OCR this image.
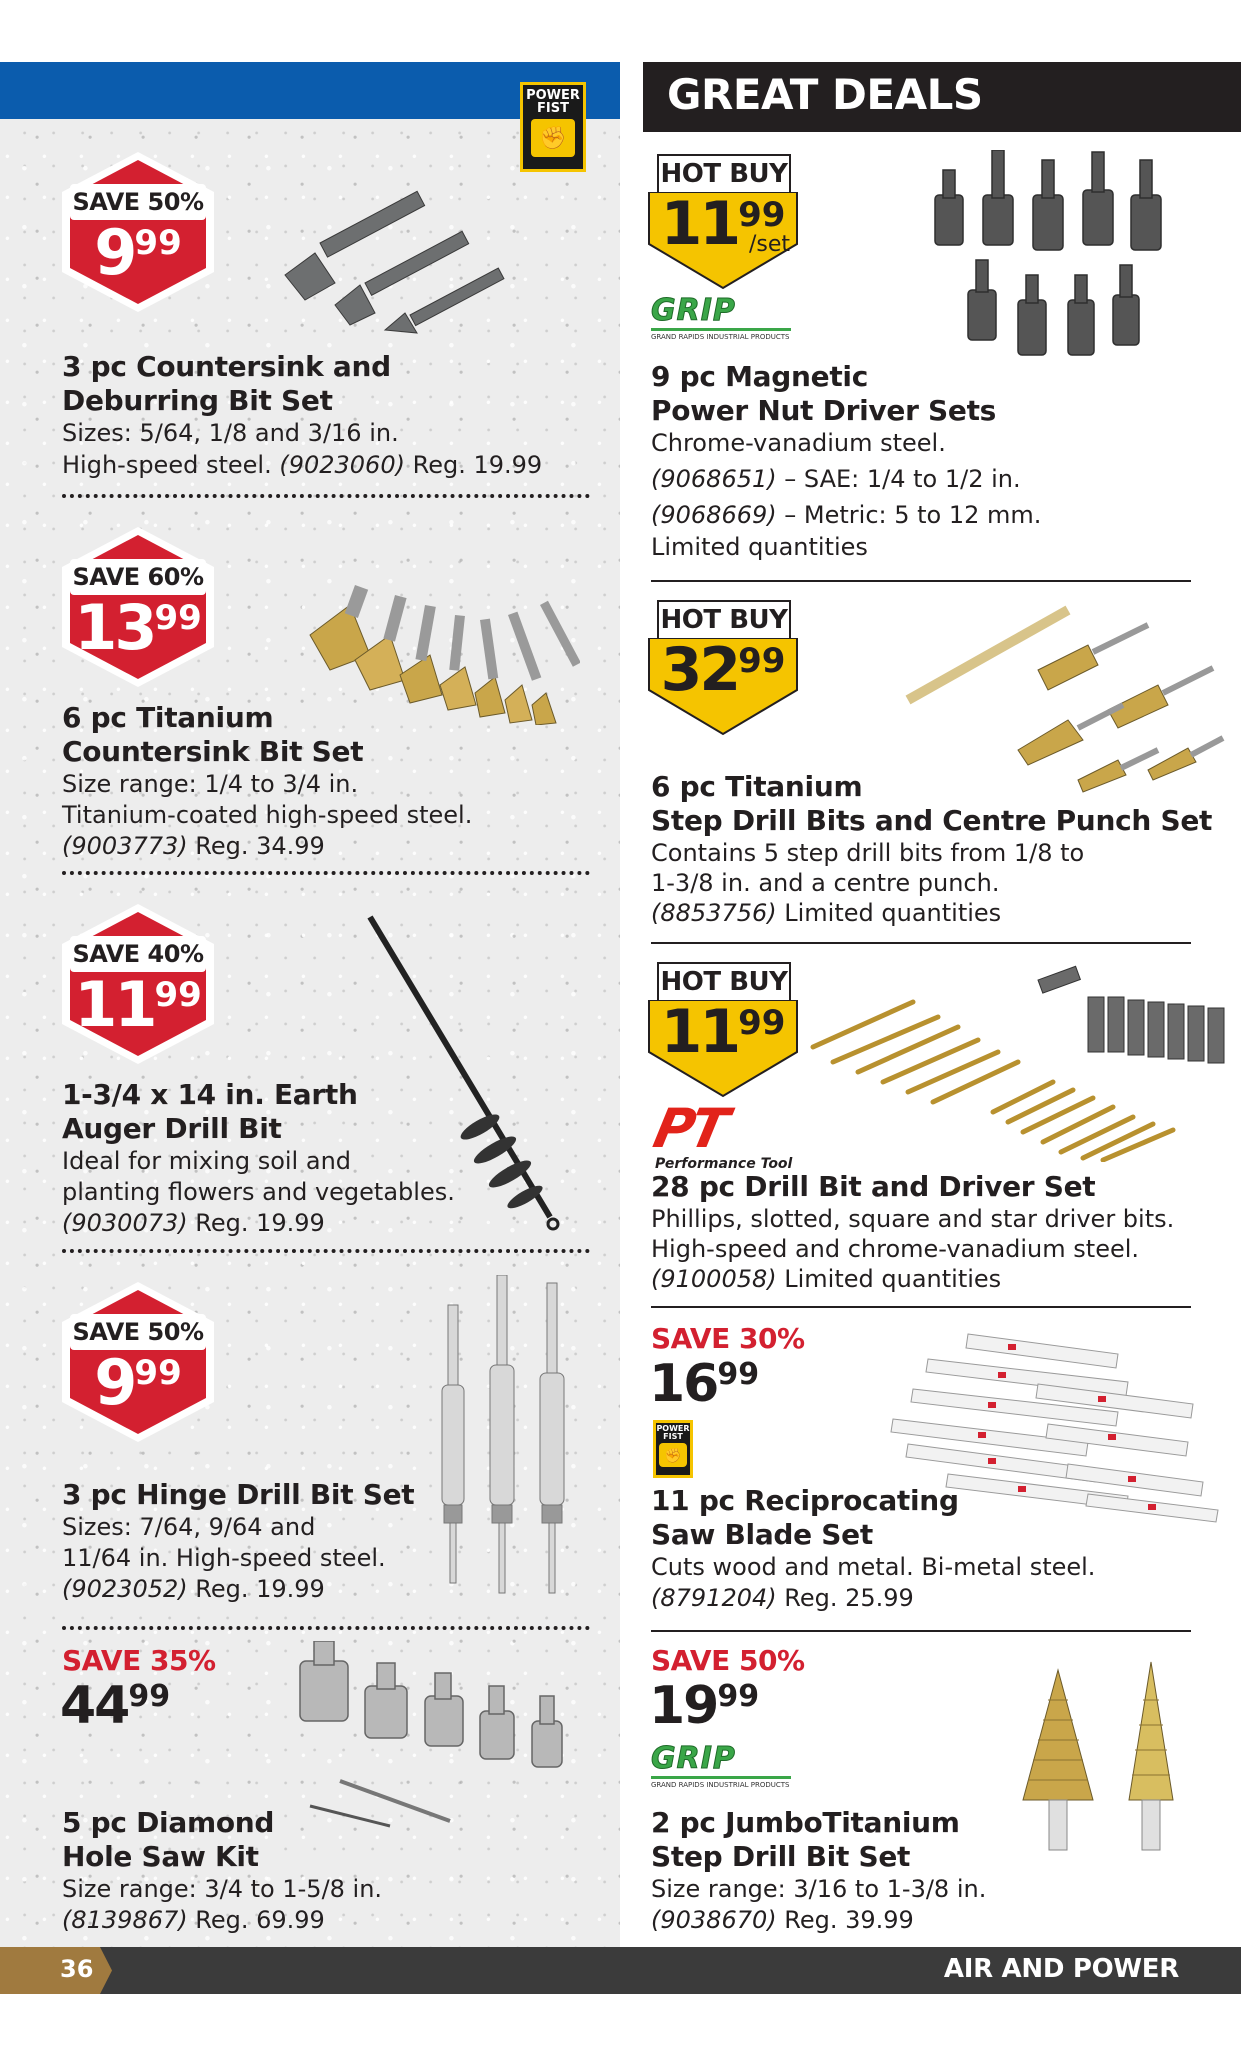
POWER FIST
✊
SAVE 50%
999
3 pc Countersink and
Deburring Bit Set
Sizes: 5/64, 1/8 and 3/16 in.
High-speed steel. (9023060) Reg. 19.99
SAVE 60%
1399
6 pc Titanium
Countersink Bit Set
Size range: 1/4 to 3/4 in.
Titanium-coated high-speed steel.
(9003773) Reg. 34.99
SAVE 40%
1199
1-3/4 x 14 in. Earth
Auger Drill Bit
Ideal for mixing soil and
planting flowers and vegetables.
(9030073) Reg. 19.99
SAVE 50%
999
3 pc Hinge Drill Bit Set
Sizes: 7/64, 9/64 and
11/64 in. High-speed steel.
(9023052) Reg. 19.99
SAVE 35%
4499
5 pc Diamond
Hole Saw Kit
Size range: 3/4 to 1-5/8 in.
(8139867) Reg. 69.99
GREAT DEALS
HOT BUY
1199
/set
GRIP
GRAND RAPIDS INDUSTRIAL PRODUCTS
9 pc Magnetic
Power Nut Driver Sets
Chrome-vanadium steel.
(9068651) – SAE: 1/4 to 1/2 in.
(9068669) – Metric: 5 to 12 mm.
Limited quantities
HOT BUY
3299
6 pc Titanium
Step Drill Bits and Centre Punch Set
Contains 5 step drill bits from 1/8 to
1-3/8 in. and a centre punch.
(8853756) Limited quantities
HOT BUY
1199
PT
Performance Tool
28 pc Drill Bit and Driver Set
Phillips, slotted, square and star driver bits.
High-speed and chrome-vanadium steel.
(9100058) Limited quantities
SAVE 30%
1699
POWER FIST
✊
11 pc Reciprocating
Saw Blade Set
Cuts wood and metal. Bi-metal steel.
(8791204) Reg. 25.99
SAVE 50%
1999
GRIP
GRAND RAPIDS INDUSTRIAL PRODUCTS
2 pc JumboTitanium
Step Drill Bit Set
Size range: 3/16 to 1-3/8 in.
(9038670) Reg. 39.99
36	AIR AND POWER
